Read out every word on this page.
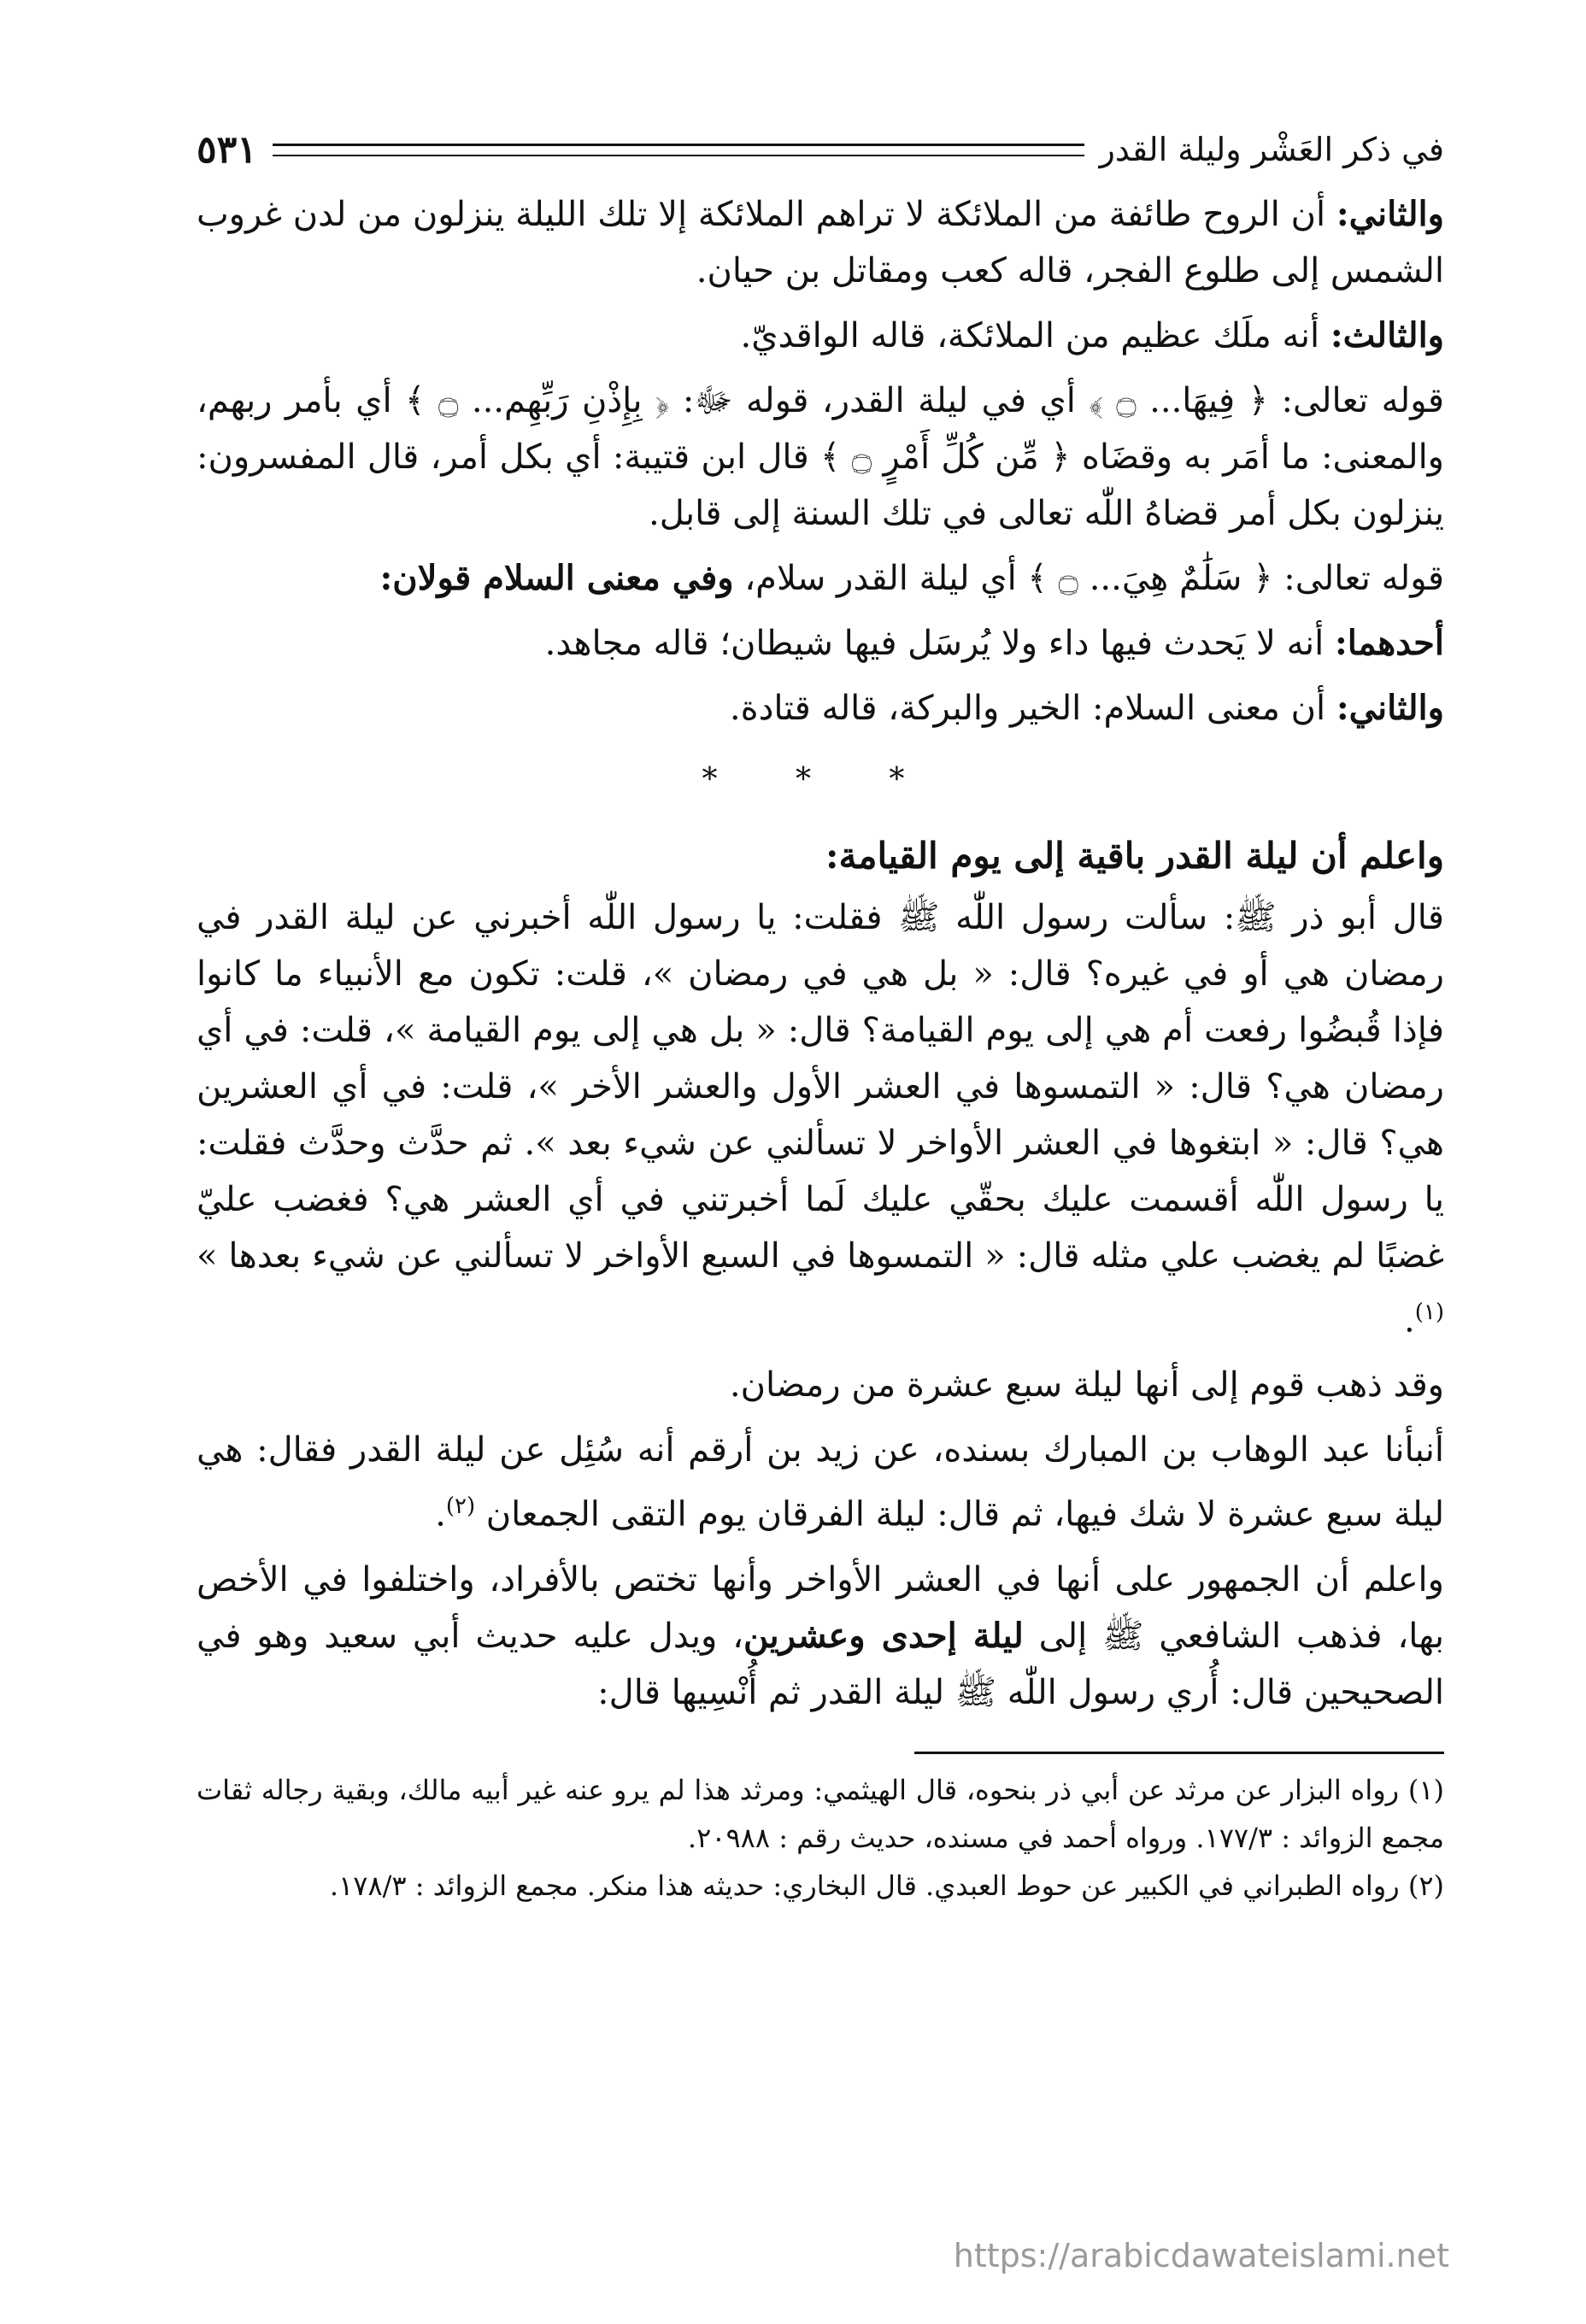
في ذكر العَشْر وليلة القدر
٥٣١

والثاني: أن الروح طائفة من الملائكة لا تراهم الملائكة إلا تلك الليلة ينزلون من لدن غروب الشمس إلى طلوع الفجر، قاله كعب ومقاتل بن حيان.

والثالث: أنه ملَك عظيم من الملائكة، قاله الواقديّ.

قوله تعالى: ﴿ فِيهَا... ۝ ﴾ أي في ليلة القدر، قوله ﷻ: ﴿ بِإِذْنِ رَبِّهِم... ۝ ﴾ أي بأمر ربهم، والمعنى: ما أمَر به وقضَاه ﴿ مِّن كُلِّ أَمْرٍ ۝ ﴾ قال ابن قتيبة: أي بكل أمر، قال المفسرون: ينزلون بكل أمر قضاهُ اللّٰه تعالى في تلك السنة إلى قابل.

قوله تعالى: ﴿ سَلَٰمٌ هِيَ... ۝ ﴾ أي ليلة القدر سلام، وفي معنى السلام قولان:

أحدهما: أنه لا يَحدث فيها داء ولا يُرسَل فيها شيطان؛ قاله مجاهد.

والثاني: أن معنى السلام: الخير والبركة، قاله قتادة.

* * *
واعلم أن ليلة القدر باقية إلى يوم القيامة:

قال أبو ذر ﷺ: سألت رسول اللّٰه ﷺ فقلت: يا رسول اللّٰه أخبرني عن ليلة القدر في رمضان هي أو في غيره؟ قال: « بل هي في رمضان »، قلت: تكون مع الأنبياء ما كانوا فإذا قُبضُوا رفعت أم هي إلى يوم القيامة؟ قال: « بل هي إلى يوم القيامة »، قلت: في أي رمضان هي؟ قال: « التمسوها في العشر الأول والعشر الأخر »، قلت: في أي العشرين هي؟ قال: « ابتغوها في العشر الأواخر لا تسألني عن شيء بعد ». ثم حدَّث وحدَّث فقلت: يا رسول اللّٰه أقسمت عليك بحقّي عليك لَما أخبرتني في أي العشر هي؟ فغضب عليّ غضبًا لم يغضب علي مثله قال: « التمسوها في السبع الأواخر لا تسألني عن شيء بعدها » $^{(١)}$.

وقد ذهب قوم إلى أنها ليلة سبع عشرة من رمضان.

أنبأنا عبد الوهاب بن المبارك بسنده، عن زيد بن أرقم أنه سُئِل عن ليلة القدر فقال: هي ليلة سبع عشرة لا شك فيها، ثم قال: ليلة الفرقان يوم التقى الجمعان $^{(٢)}$.

واعلم أن الجمهور على أنها في العشر الأواخر وأنها تختص بالأفراد، واختلفوا في الأخص بها، فذهب الشافعي ﷺ إلى ليلة إحدى وعشرين، ويدل عليه حديث أبي سعيد وهو في الصحيحين قال: أُري رسول اللّٰه ﷺ ليلة القدر ثم أُنْسِيها قال:

(١) رواه البزار عن مرثد عن أبي ذر بنحوه، قال الهيثمي: ومرثد هذا لم يرو عنه غير أبيه مالك، وبقية رجاله ثقات مجمع الزوائد : ١٧٧/٣. ورواه أحمد في مسنده، حديث رقم : ٢٠٩٨٨.

(٢) رواه الطبراني في الكبير عن حوط العبدي. قال البخاري: حديثه هذا منكر. مجمع الزوائد : ١٧٨/٣.

https://arabicdawateislami.net
